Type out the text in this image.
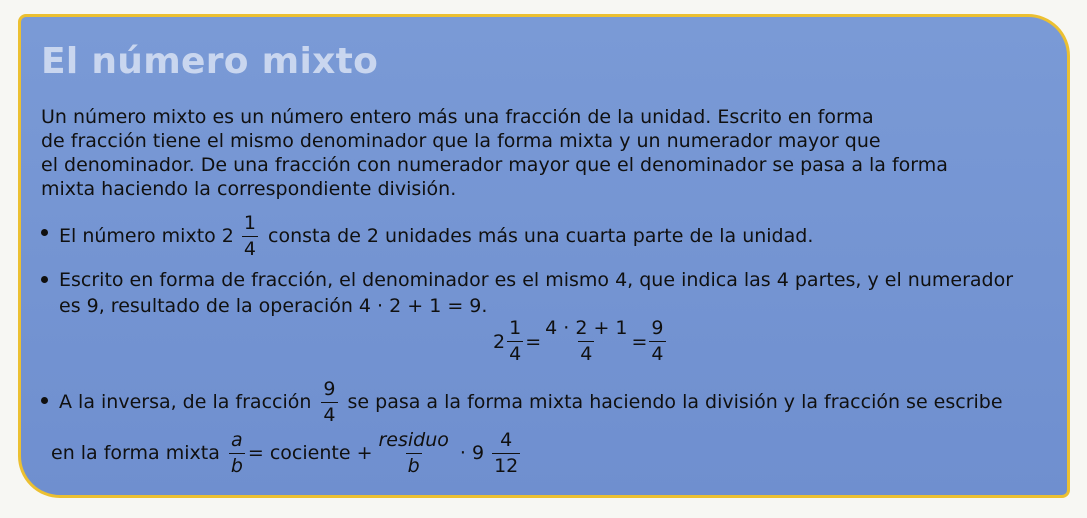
El número mixto
Un número mixto es un número entero más una fracción de la unidad. Escrito en forma
de fracción tiene el mismo denominador que la forma mixta y un numerador mayor que
el denominador. De una fracción con numerador mayor que el denominador se pasa a la forma
mixta haciendo la correspondiente división.
El número mixto $2 \frac{1}{4}$ consta de 2 unidades más una cuarta parte de la unidad.
Escrito en forma de fracción, el denominador es el mismo 4, que indica las 4 partes, y el numerador
es 9, resultado de la operación 4 · 2 + 1 = 9.
$2 \frac{1}{4} = \frac{4 \cdot 2 + 1}{4} = \frac{9}{4}$
A la inversa, de la fracción $\frac{9}{4}$ se pasa a la forma mixta haciendo la división y la fracción se escribe
en la forma mixta $\frac{a}{b}$ = cociente + $\frac{\text{residuo}}{b} \cdot 9 \frac{4}{12}$
